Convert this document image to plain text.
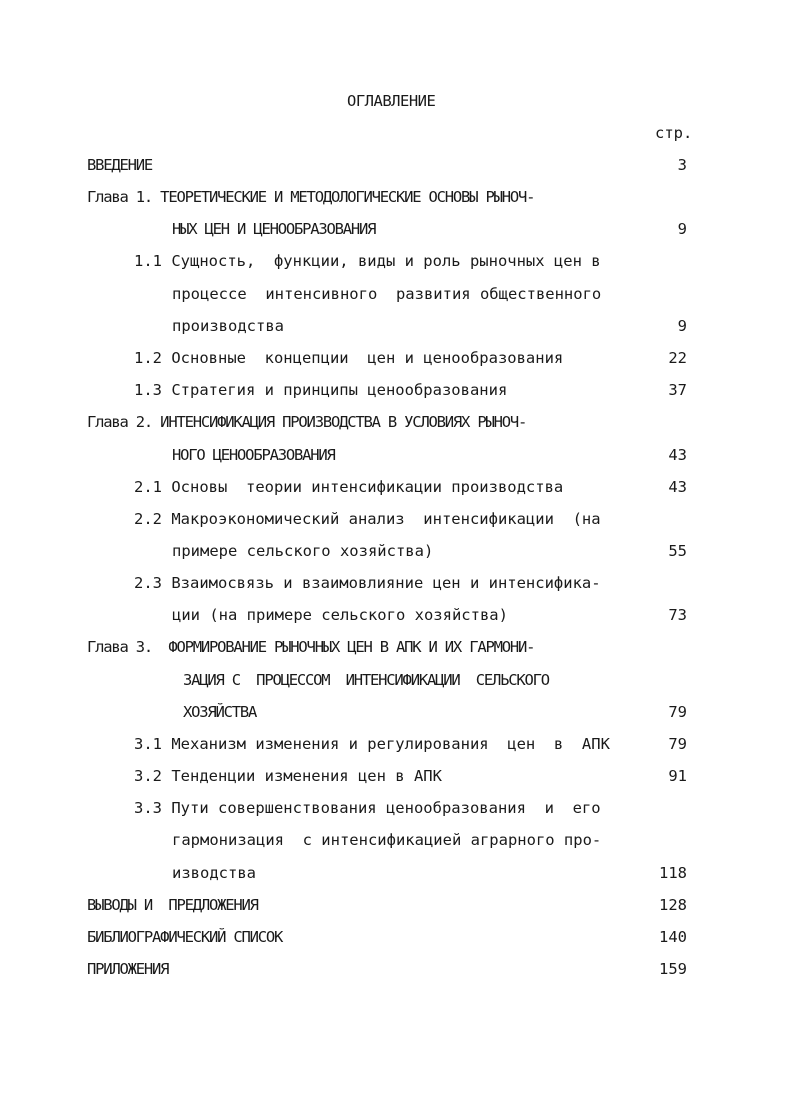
ОГЛАВЛЕНИЕ
стр.
ВВЕДЕНИЕ	3
Глава 1. ТЕОРЕТИЧЕСКИЕ И МЕТОДОЛОГИЧЕСКИЕ ОСНОВЫ РЫНОЧ-
НЫХ ЦЕН И ЦЕНООБРАЗОВАНИЯ	9
1.1 Сущность,  функции, виды и роль рыночных цен в
процессе  интенсивного  развития общественного
производства	9
1.2 Основные  концепции  цен и ценообразования	22
1.3 Стратегия и принципы ценообразования	37
Глава 2. ИНТЕНСИФИКАЦИЯ ПРОИЗВОДСТВА В УСЛОВИЯХ РЫНОЧ-
НОГО ЦЕНООБРАЗОВАНИЯ	43
2.1 Основы  теории интенсификации производства	43
2.2 Макроэкономический анализ  интенсификации  (на
примере сельского хозяйства)	55
2.3 Взаимосвязь и взаимовлияние цен и интенсифика-
ции (на примере сельского хозяйства)	73
Глава 3.  ФОРМИРОВАНИЕ РЫНОЧНЫХ ЦЕН В АПК И ИХ ГАРМОНИ-
ЗАЦИЯ С  ПРОЦЕССОМ  ИНТЕНСИФИКАЦИИ  СЕЛЬСКОГО
ХОЗЯЙСТВА	79
3.1 Механизм изменения и регулирования  цен  в  АПК	79
3.2 Тенденции изменения цен в АПК	91
3.3 Пути совершенствования ценообразования  и  его
гармонизация  с интенсификацией аграрного про-
изводства	118
ВЫВОДЫ И  ПРЕДЛОЖЕНИЯ	128
БИБЛИОГРАФИЧЕСКИЙ СПИСОК	140
ПРИЛОЖЕНИЯ	159
